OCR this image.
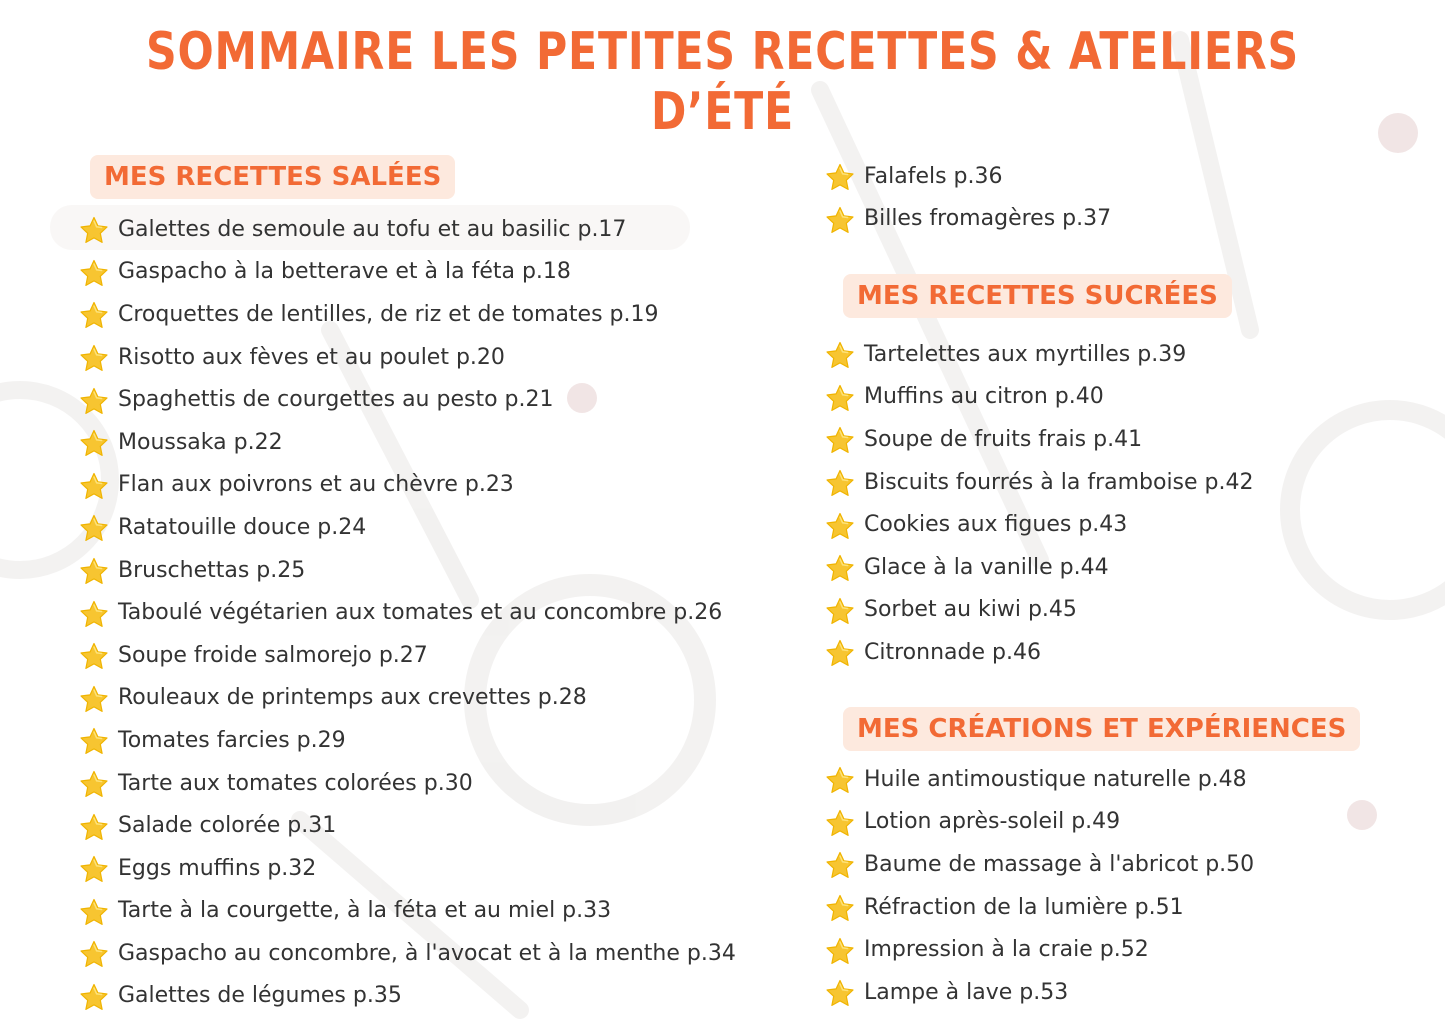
SOMMAIRE LES PETITES RECETTES & ATELIERS D’ÉTÉ
MES RECETTES SALÉES
Galettes de semoule au tofu et au basilic p.17
Gaspacho à la betterave et à la féta p.18
Croquettes de lentilles, de riz et de tomates p.19
Risotto aux fèves et au poulet p.20
Spaghettis de courgettes au pesto p.21
Moussaka p.22
Flan aux poivrons et au chèvre p.23
Ratatouille douce p.24
Bruschettas p.25
Taboulé végétarien aux tomates et au concombre p.26
Soupe froide salmorejo p.27
Rouleaux de printemps aux crevettes p.28
Tomates farcies p.29
Tarte aux tomates colorées p.30
Salade colorée p.31
Eggs muffins p.32
Tarte à la courgette, à la féta et au miel p.33
Gaspacho au concombre, à l'avocat et à la menthe p.34
Galettes de légumes p.35
Falafels p.36
Billes fromagères p.37
MES RECETTES SUCRÉES
Tartelettes aux myrtilles p.39
Muffins au citron p.40
Soupe de fruits frais p.41
Biscuits fourrés à la framboise p.42
Cookies aux figues p.43
Glace à la vanille p.44
Sorbet au kiwi p.45
Citronnade p.46
MES CRÉATIONS ET EXPÉRIENCES
Huile antimoustique naturelle p.48
Lotion après-soleil p.49
Baume de massage à l'abricot p.50
Réfraction de la lumière p.51
Impression à la craie p.52
Lampe à lave p.53
